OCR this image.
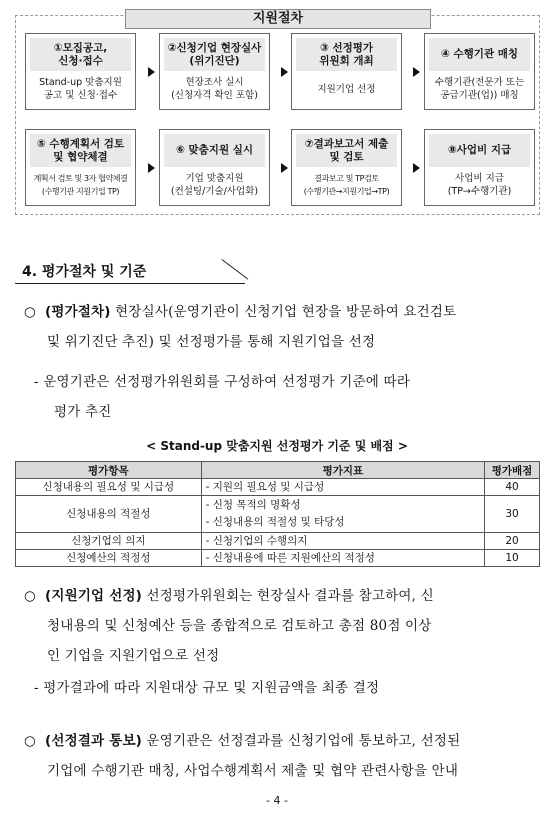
지원절차
①모집공고,
신청·접수
Stand-up 맞춤지원
공고 및 신청·접수
②신청기업 현장실사
(위기진단)
현장조사 실시
(신청자격 확인 포함)
③ 선정평가
위원회 개최
지원기업 선정
④ 수행기관 매칭
수행기관(전문가 또는
공급기관(업)) 매칭
⑤ 수행계획서 검토
및 협약체결
계획서 검토 및 3자 협약체결
(수행기관 지원기업 TP)
⑥ 맞춤지원 실시
기업 맞춤지원
(컨설팅/기술/사업화)
⑦결과보고서 제출
및 검토
결과보고 및 TP검토
(수행기관→지원기업→TP)
⑧사업비 지급
사업비 지급
(TP→수행기관)
4. 평가절차 및 기준
○ (평가절차) 현장실사(운영기관이 신청기업 현장을 방문하여 요건검토
및 위기진단 추진) 및 선정평가를 통해 지원기업을 선정
- 운영기관은 선정평가위원회를 구성하여 선정평가 기준에 따라
평가 추진
< Stand-up 맞춤지원 선정평가 기준 및 배점 >
평가항목	평가지표	평가배점
신청내용의 필요성 및 시급성	- 지원의 필요성 및 시급성	40
신청내용의 적절성	- 신청 목적의 명확성
- 신청내용의 적절성 및 타당성	30
신청기업의 의지	- 신청기업의 수행의지	20
신청예산의 적정성	- 신청내용에 따른 지원예산의 적정성	10
○ (지원기업 선정) 선정평가위원회는 현장실사 결과를 참고하여, 신
청내용의 및 신청예산 등을 종합적으로 검토하고 총점 80점 이상
인 기업을 지원기업으로 선정
- 평가결과에 따라 지원대상 규모 및 지원금액을 최종 결정
○ (선정결과 통보) 운영기관은 선정결과를 신청기업에 통보하고, 선정된
기업에 수행기관 매칭, 사업수행계획서 제출 및 협약 관련사항을 안내
- 4 -
